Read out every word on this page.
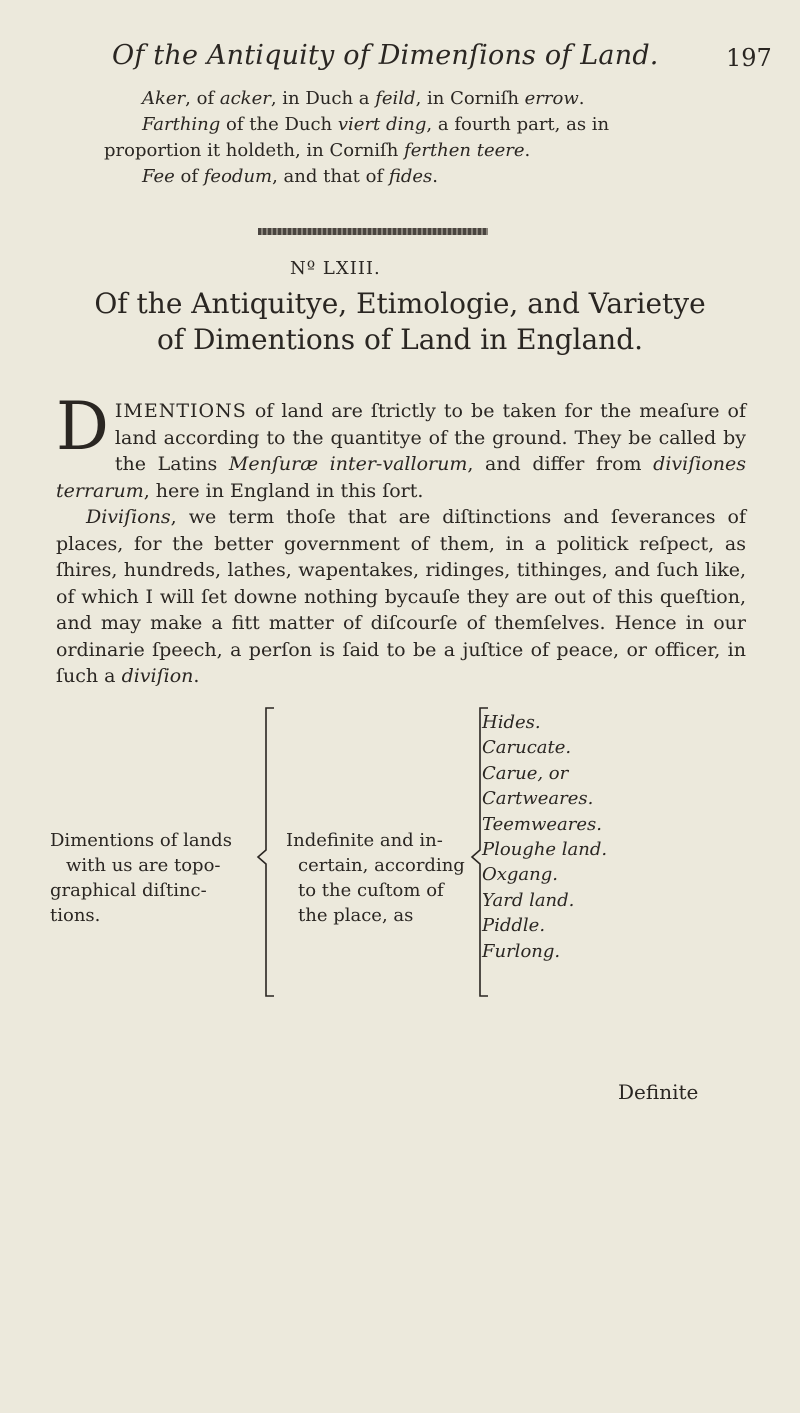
Of the Antiquity of Dimenſions of Land.	197

Aker, of acker, in Duch a feild, in Corniſh errow.

Farthing of the Duch viert ding, a fourth part, as in

proportion it holdeth, in Corniſh ferthen teere.

Fee of feodum, and that of fides.

Nº LXIII.
Of the Antiquitye, Etimologie, and Varietye
of Dimentions of Land in England.

DIMENTIONS of land are ſtrictly to be taken for the meaſure of land according to the quantitye of the ground. They be called by the Latins Menſuræ inter-vallorum, and differ from diviſiones terrarum, here in England in this ſort.

Diviſions, we term thoſe that are diſtinctions and ſeverances of places, for the better government of them, in a politick reſpect, as ſhires, hundreds, lathes, wapentakes, ridinges, tithinges, and ſuch like, of which I will ſet downe nothing bycauſe they are out of this queſtion, and may make a fitt matter of diſcourſe of themſelves. Hence in our ordinarie ſpeech, a perſon is ſaid to be a juſtice of peace, or officer, in ſuch a diviſion.

Dimentions of lands
with us are topo-
graphical diſtinc-
tions.
Indefinite and in-
certain, according
to the cuſtom of
the place, as
Hides.
Carucate.
Carue, or
Cartweares.
Teemweares.
Ploughe land.
Oxgang.
Yard land.
Piddle.
Furlong.
Definite
